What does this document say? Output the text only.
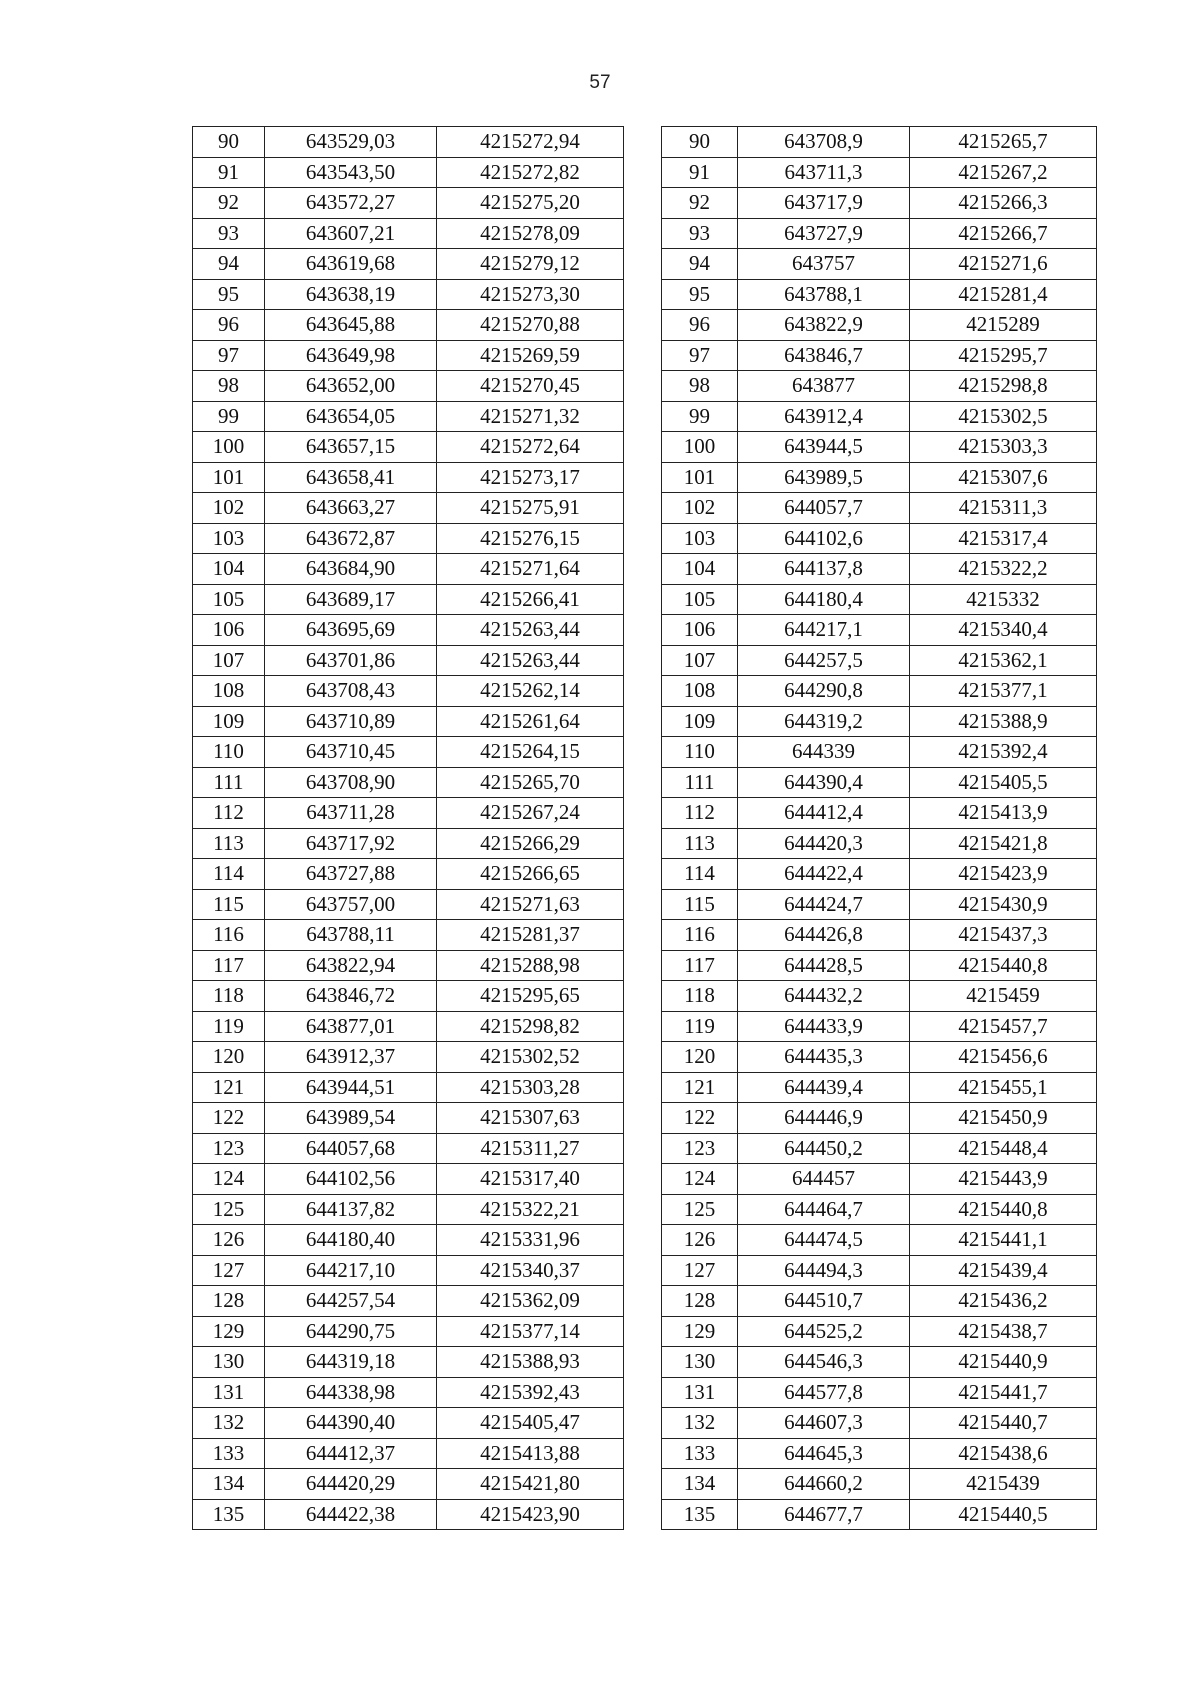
57
90	643529,03	4215272,94
91	643543,50	4215272,82
92	643572,27	4215275,20
93	643607,21	4215278,09
94	643619,68	4215279,12
95	643638,19	4215273,30
96	643645,88	4215270,88
97	643649,98	4215269,59
98	643652,00	4215270,45
99	643654,05	4215271,32
100	643657,15	4215272,64
101	643658,41	4215273,17
102	643663,27	4215275,91
103	643672,87	4215276,15
104	643684,90	4215271,64
105	643689,17	4215266,41
106	643695,69	4215263,44
107	643701,86	4215263,44
108	643708,43	4215262,14
109	643710,89	4215261,64
110	643710,45	4215264,15
111	643708,90	4215265,70
112	643711,28	4215267,24
113	643717,92	4215266,29
114	643727,88	4215266,65
115	643757,00	4215271,63
116	643788,11	4215281,37
117	643822,94	4215288,98
118	643846,72	4215295,65
119	643877,01	4215298,82
120	643912,37	4215302,52
121	643944,51	4215303,28
122	643989,54	4215307,63
123	644057,68	4215311,27
124	644102,56	4215317,40
125	644137,82	4215322,21
126	644180,40	4215331,96
127	644217,10	4215340,37
128	644257,54	4215362,09
129	644290,75	4215377,14
130	644319,18	4215388,93
131	644338,98	4215392,43
132	644390,40	4215405,47
133	644412,37	4215413,88
134	644420,29	4215421,80
135	644422,38	4215423,90
90	643708,9	4215265,7
91	643711,3	4215267,2
92	643717,9	4215266,3
93	643727,9	4215266,7
94	643757	4215271,6
95	643788,1	4215281,4
96	643822,9	4215289
97	643846,7	4215295,7
98	643877	4215298,8
99	643912,4	4215302,5
100	643944,5	4215303,3
101	643989,5	4215307,6
102	644057,7	4215311,3
103	644102,6	4215317,4
104	644137,8	4215322,2
105	644180,4	4215332
106	644217,1	4215340,4
107	644257,5	4215362,1
108	644290,8	4215377,1
109	644319,2	4215388,9
110	644339	4215392,4
111	644390,4	4215405,5
112	644412,4	4215413,9
113	644420,3	4215421,8
114	644422,4	4215423,9
115	644424,7	4215430,9
116	644426,8	4215437,3
117	644428,5	4215440,8
118	644432,2	4215459
119	644433,9	4215457,7
120	644435,3	4215456,6
121	644439,4	4215455,1
122	644446,9	4215450,9
123	644450,2	4215448,4
124	644457	4215443,9
125	644464,7	4215440,8
126	644474,5	4215441,1
127	644494,3	4215439,4
128	644510,7	4215436,2
129	644525,2	4215438,7
130	644546,3	4215440,9
131	644577,8	4215441,7
132	644607,3	4215440,7
133	644645,3	4215438,6
134	644660,2	4215439
135	644677,7	4215440,5
